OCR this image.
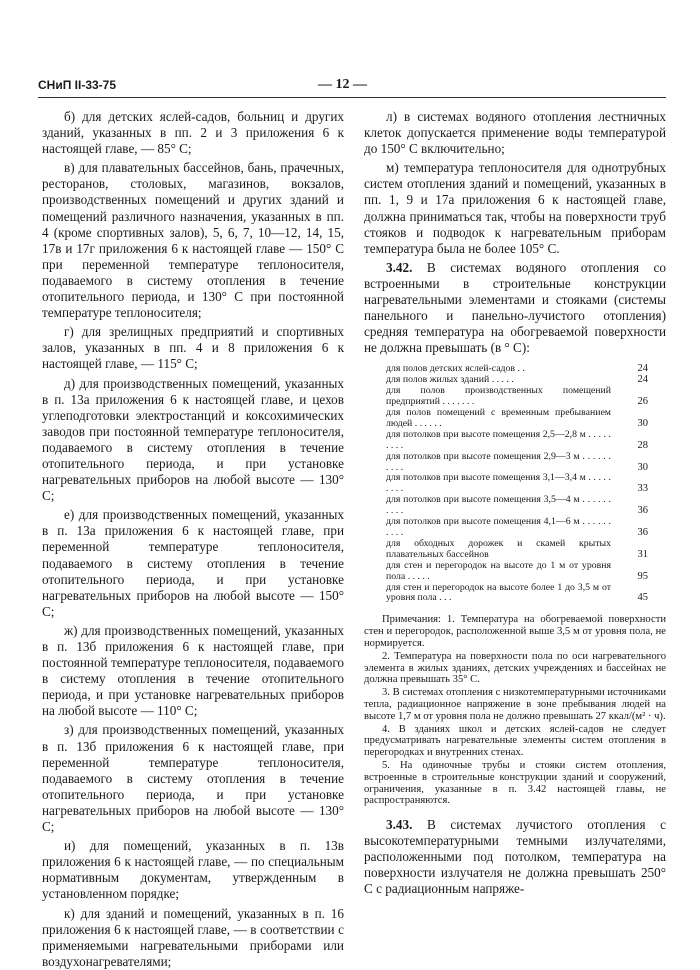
СНиП II-33-75	— 12 —

б) для детских яслей-садов, больниц и других зданий, указанных в пп. 2 и 3 приложения 6 к настоящей главе, — 85° С;

в) для плавательных бассейнов, бань, прачечных, ресторанов, столовых, магазинов, вокзалов, производственных помещений и других зданий и помещений различного назначения, указанных в пп. 4 (кроме спортивных залов), 5, 6, 7, 10—12, 14, 15, 17в и 17г приложения 6 к настоящей главе — 150° С при переменной температуре теплоносителя, подаваемого в систему отопления в течение отопительного периода, и 130° С при постоянной температуре теплоносителя;

г) для зрелищных предприятий и спортивных залов, указанных в пп. 4 и 8 приложения 6 к настоящей главе, — 115° С;

д) для производственных помещений, указанных в п. 13а приложения 6 к настоящей главе, и цехов углеподготовки электростанций и коксохимических заводов при постоянной температуре теплоносителя, подаваемого в систему отопления в течение отопительного периода, и при установке нагревательных приборов на любой высоте — 130° С;

е) для производственных помещений, указанных в п. 13а приложения 6 к настоящей главе, при переменной температуре теплоносителя, подаваемого в систему отопления в течение отопительного периода, и при установке нагревательных приборов на любой высоте — 150° С;

ж) для производственных помещений, указанных в п. 13б приложения 6 к настоящей главе, при постоянной температуре теплоносителя, подаваемого в систему отопления в течение отопительного периода, и при установке нагревательных приборов на любой высоте — 110° С;

з) для производственных помещений, указанных в п. 13б приложения 6 к настоящей главе, при переменной температуре теплоносителя, подаваемого в систему отопления в течение отопительного периода, и при установке нагревательных приборов на любой высоте — 130° С;

и) для помещений, указанных в п. 13в приложения 6 к настоящей главе, — по специальным нормативным документам, утвержденным в установленном порядке;

к) для зданий и помещений, указанных в п. 16 приложения 6 к настоящей главе, — в соответствии с применяемыми нагревательными приборами или воздухонагревателями;

л) в системах водяного отопления лестничных клеток допускается применение воды температурой до 150° С включительно;

м) температура теплоносителя для однотрубных систем отопления зданий и помещений, указанных в пп. 1, 9 и 17а приложения 6 к настоящей главе, должна приниматься так, чтобы на поверхности труб стояков и подводок к нагревательным приборам температура была не более 105° С.

3.42. В системах водяного отопления со встроенными в строительные конструкции нагревательными элементами и стояками (системы панельного и панельно-лучистого отопления) средняя температура на обогреваемой поверхности не должна превышать (в ° С):

для полов детских яслей-садов . .	24
для полов жилых зданий . . . . .	24
для полов производственных помещений предприятий . . . . . . .	26
для полов помещений с временным пребыванием людей . . . . . .	30
для потолков при высоте помещения 2,5—2,8 м . . . . . . . . .	28
для потолков при высоте помещения 2,9—3 м . . . . . . . . . .	30
для потолков при высоте помещения 3,1—3,4 м . . . . . . . . .	33
для потолков при высоте помещения 3,5—4 м . . . . . . . . . .	36
для потолков при высоте помещения 4,1—6 м . . . . . . . . . .	36
для обходных дорожек и скамей крытых плавательных бассейнов	31
для стен и перегородок на высоте до 1 м от уровня пола . . . . .	95
для стен и перегородок на высоте более 1 до 3,5 м от уровня пола . . .	45

Примечания: 1. Температура на обогреваемой поверхности стен и перегородок, расположенной выше 3,5 м от уровня пола, не нормируется.

2. Температура на поверхности пола по оси нагревательного элемента в жилых зданиях, детских учреждениях и бассейнах не должна превышать 35° С.

3. В системах отопления с низкотемпературными источниками тепла, радиационное напряжение в зоне пребывания людей на высоте 1,7 м от уровня пола не должно превышать 27 ккал/(м² · ч).

4. В зданиях школ и детских яслей-садов не следует предусматривать нагревательные элементы систем отопления в перегородках и внутренних стенах.

5. На одиночные трубы и стояки систем отопления, встроенные в строительные конструкции зданий и сооружений, ограничения, указанные в п. 3.42 настоящей главы, не распространяются.

3.43. В системах лучистого отопления с высокотемпературными темными излучателями, расположенными под потолком, температура на поверхности излучателя не должна превышать 250° С с радиационным напряже-
